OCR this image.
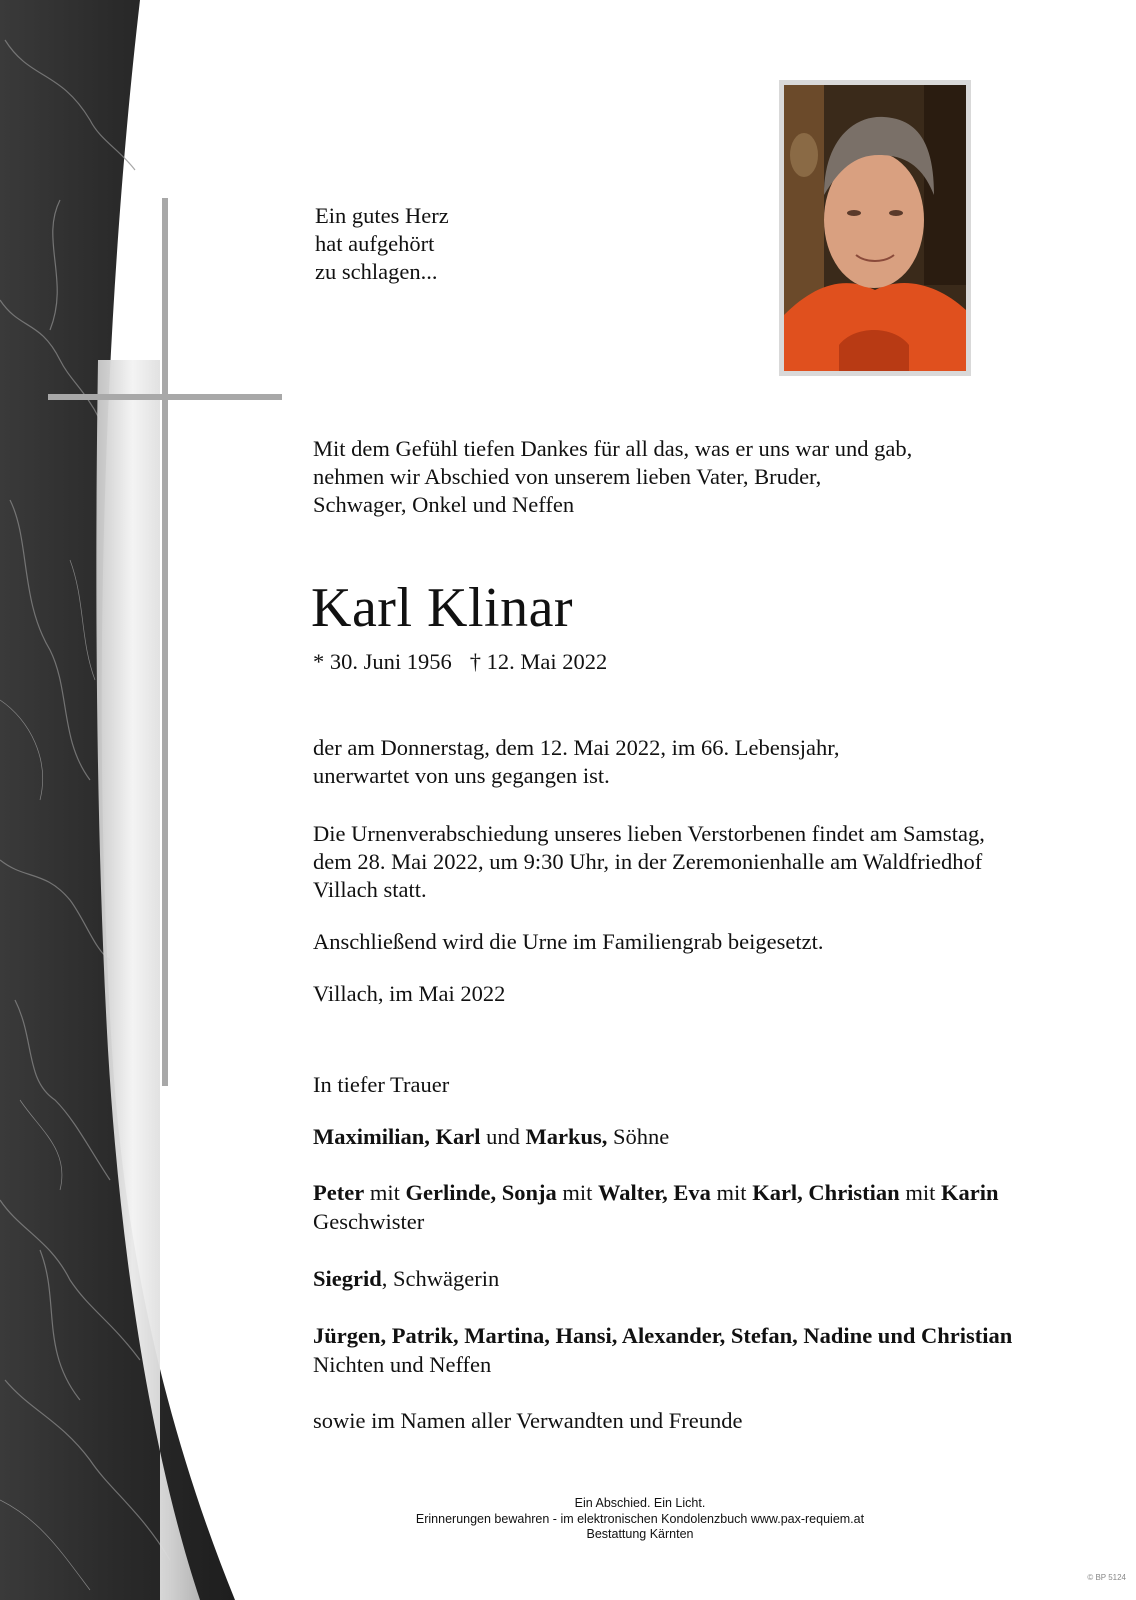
Ein gutes Herz
hat aufgehört
zu schlagen...
Mit dem Gefühl tiefen Dankes für all das, was er uns war und gab,
nehmen wir Abschied von unserem lieben Vater, Bruder,
Schwager, Onkel und Neffen
Karl Klinar
* 30. Juni 1956 † 12. Mai 2022
der am Donnerstag, dem 12. Mai 2022, im 66. Lebensjahr,
unerwartet von uns gegangen ist.
Die Urnenverabschiedung unseres lieben Verstorbenen findet am Samstag,
dem 28. Mai 2022, um 9:30 Uhr, in der Zeremonienhalle am Waldfriedhof
Villach statt.
Anschließend wird die Urne im Familiengrab beigesetzt.
Villach, im Mai 2022
In tiefer Trauer
Maximilian, Karl und Markus, Söhne
Peter mit Gerlinde, Sonja mit Walter, Eva mit Karl, Christian mit Karin
Geschwister
Siegrid, Schwägerin
Jürgen, Patrik, Martina, Hansi, Alexander, Stefan, Nadine und Christian
Nichten und Neffen
sowie im Namen aller Verwandten und Freunde
Ein Abschied. Ein Licht.
Erinnerungen bewahren - im elektronischen Kondolenzbuch www.pax-requiem.at
Bestattung Kärnten
© BP 5124
